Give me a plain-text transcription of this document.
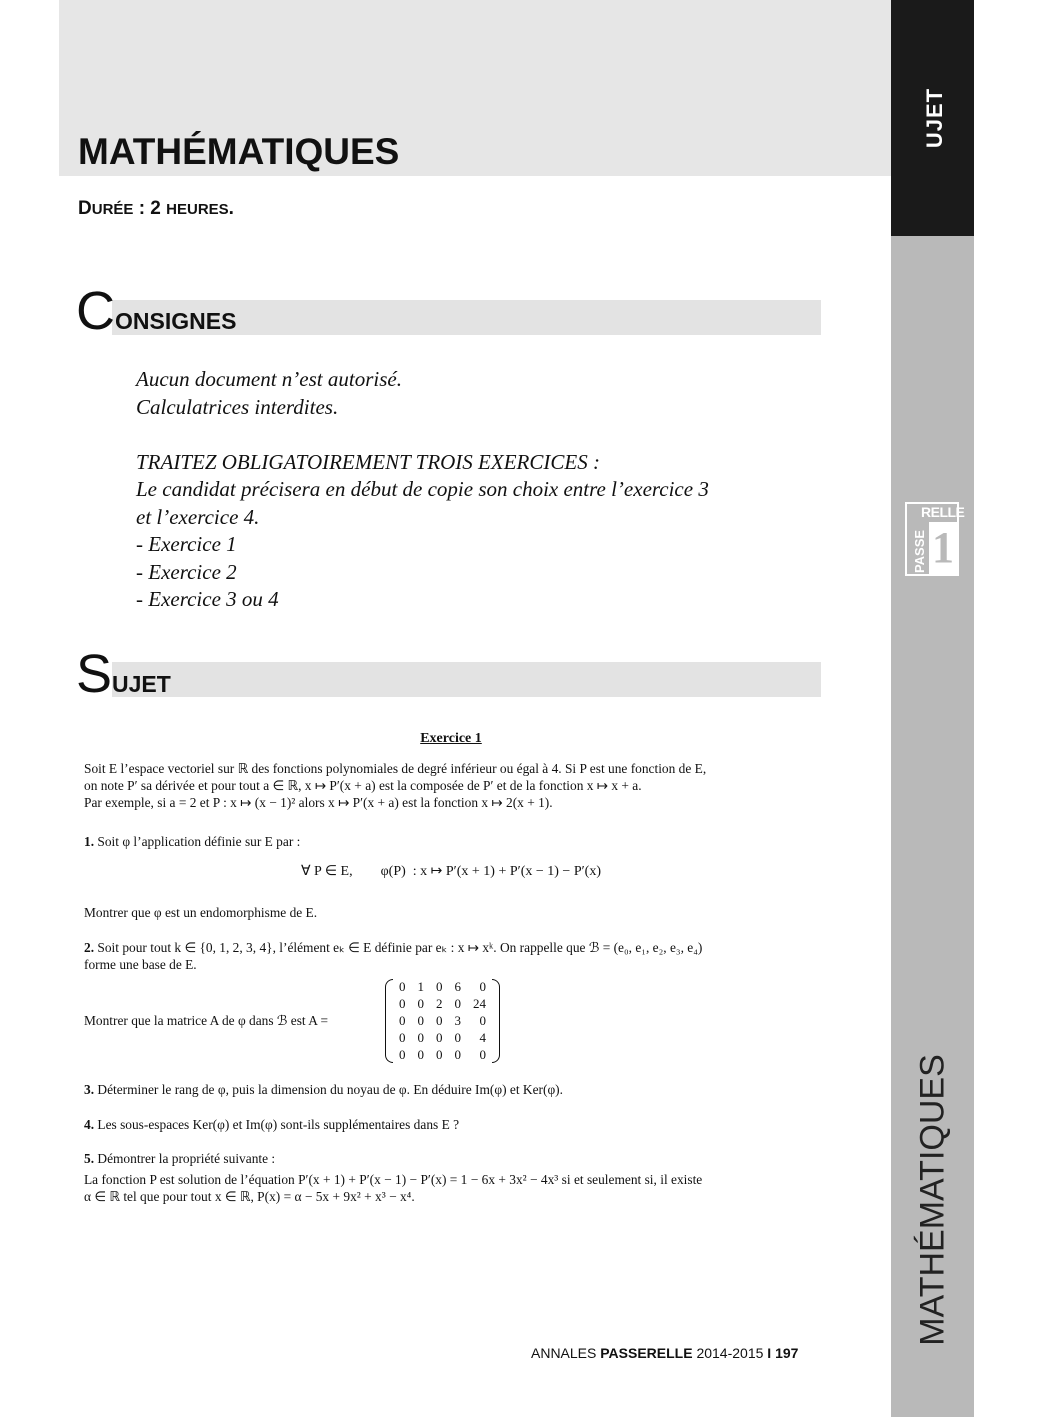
MATHÉMATIQUES
DURÉE : 2 HEURES.
S
UJET
RELLE
PASSE 1
MATHÉMATIQUES
CONSIGNES

Aucun document n’est autorisé.

Calculatrices interdites.

TRAITEZ OBLIGATOIREMENT TROIS EXERCICES :

Le candidat précisera en début de copie son choix entre l’exercice 3

et l’exercice 4.

- Exercice 1

- Exercice 2

- Exercice 3 ou 4

SUJET
Exercice 1

Soit E l’espace vectoriel sur ℝ des fonctions polynomiales de degré inférieur ou égal à 4. Si P est une fonction de E,

on note P′ sa dérivée et pour tout a ∈ ℝ, x ↦ P′(x + a) est la composée de P′ et de la fonction x ↦ x + a.

Par exemple, si a = 2 et P : x ↦ (x − 1)² alors x ↦ P′(x + a) est la fonction x ↦ 2(x + 1).

1. Soit φ l’application définie sur E par :

∀ P ∈ E,        φ(P)  : x ↦ P′(x + 1) + P′(x − 1) − P′(x)
Montrer que φ est un endomorphisme de E.

2. Soit pour tout k ∈ {0, 1, 2, 3, 4}, l’élément eₖ ∈ E définie par eₖ : x ↦ xᵏ. On rappelle que ℬ = (e₀, e₁, e₂, e₃, e₄)

forme une base de E.

Montrer que la matrice A de φ dans ℬ est A =
0	1	0	6	0
0	0	2	0	24
0	0	0	3	0
0	0	0	0	4
0	0	0	0	0

3. Déterminer le rang de φ, puis la dimension du noyau de φ. En déduire Im(φ) et Ker(φ).

4. Les sous-espaces Ker(φ) et Im(φ) sont-ils supplémentaires dans E ?

5. Démontrer la propriété suivante :

La fonction P est solution de l’équation P′(x + 1) + P′(x − 1) − P′(x) = 1 − 6x + 3x² − 4x³ si et seulement si, il existe

α ∈ ℝ tel que pour tout x ∈ ℝ, P(x) = α − 5x + 9x² + x³ − x⁴.

ANNALES PASSERELLE 2014-2015 I 197
